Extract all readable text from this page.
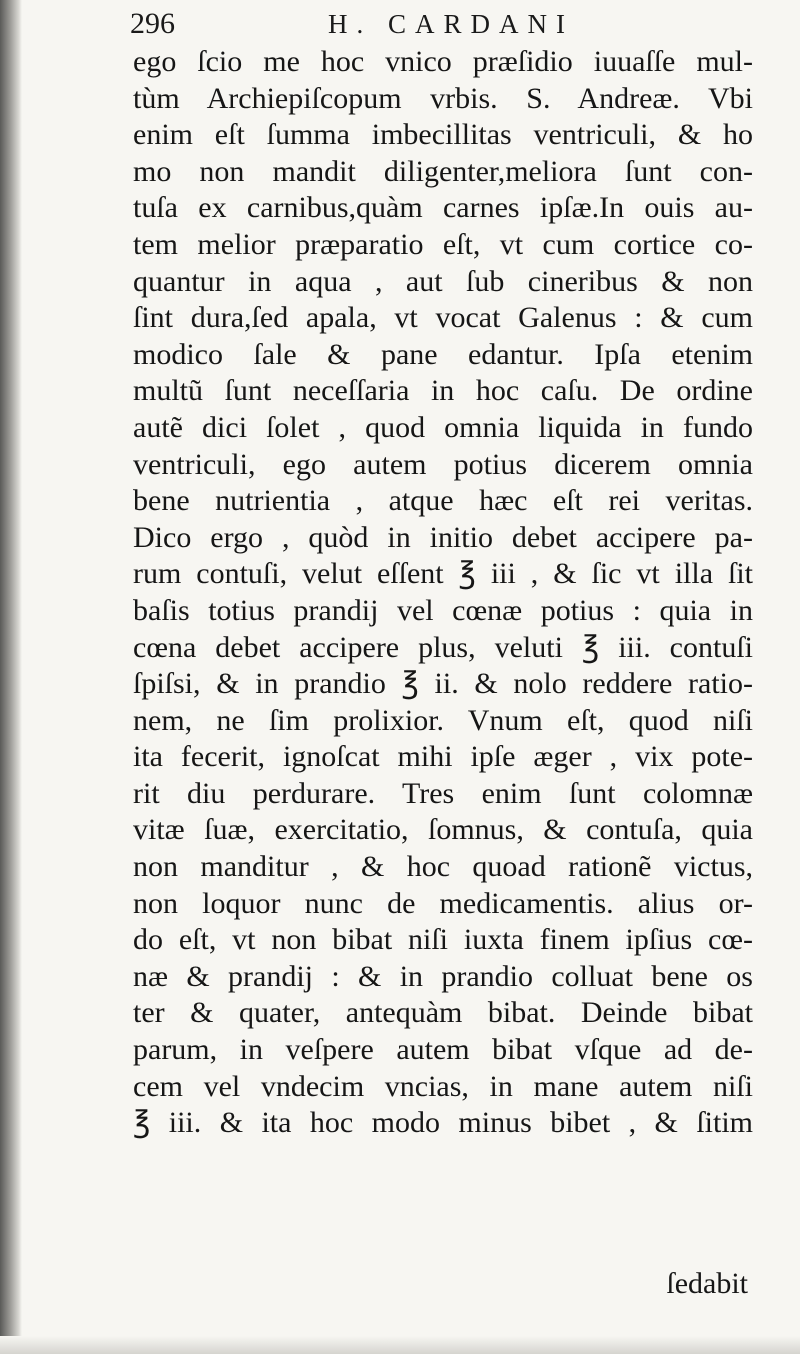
296	H. CARDANI
ego ſcio me hoc vnico præſidio iuuaſſe mul-
tùm Archiepiſcopum vrbis. S. Andreæ. Vbi
enim eſt ſumma imbecillitas ventriculi, & ho
mo non mandit diligenter,meliora ſunt con-
tuſa ex carnibus,quàm carnes ipſæ.In ouis au-
tem melior præparatio eſt, vt cum cortice co-
quantur in aqua , aut ſub cineribus & non
ſint dura,ſed apala, vt vocat Galenus : & cum
modico ſale & pane edantur. Ipſa etenim
multũ ſunt neceſſaria in hoc caſu. De ordine
autẽ dici ſolet , quod omnia liquida in fundo
ventriculi, ego autem potius dicerem omnia
bene nutrientia , atque hæc eſt rei veritas.
Dico ergo , quòd in initio debet accipere pa-
rum contuſi, velut eſſent ℥ iii , & ſic vt illa ſit
baſis totius prandij vel cœnæ potius : quia in
cœna debet accipere plus, veluti ℥ iii. contuſi
ſpiſsi, & in prandio ℥ ii. & nolo reddere ratio-
nem, ne ſim prolixior. Vnum eſt, quod niſi
ita fecerit, ignoſcat mihi ipſe æger , vix pote-
rit diu perdurare. Tres enim ſunt colomnæ
vitæ ſuæ, exercitatio, ſomnus, & contuſa, quia
non manditur , & hoc quoad rationẽ victus,
non loquor nunc de medicamentis. alius or-
do eſt, vt non bibat niſi iuxta finem ipſius cœ-
næ & prandij : & in prandio colluat bene os
ter & quater, antequàm bibat. Deinde bibat
parum, in veſpere autem bibat vſque ad de-
cem vel vndecim vncias, in mane autem niſi
℥ iii. & ita hoc modo minus bibet , & ſitim
ſedabit
